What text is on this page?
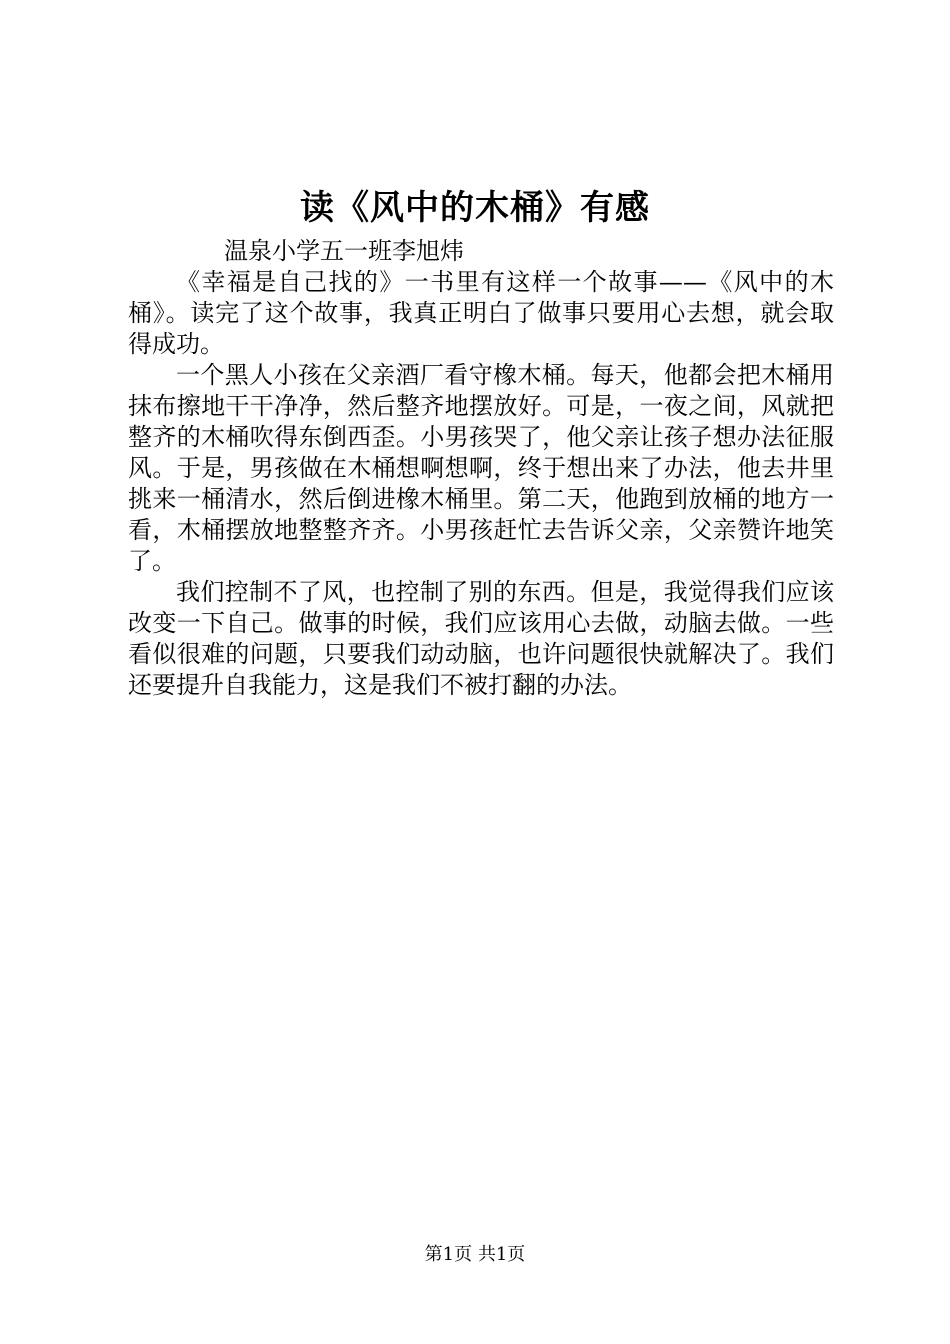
读《风中的木桶》有感

温泉小学五一班李旭炜

《幸福是自己找的》一书里有这样一个故事——《风中的木桶》。读完了这个故事，我真正明白了做事只要用心去想，就会取得成功。

一个黑人小孩在父亲酒厂看守橡木桶。每天，他都会把木桶用抹布擦地干干净净，然后整齐地摆放好。可是，一夜之间，风就把整齐的木桶吹得东倒西歪。小男孩哭了，他父亲让孩子想办法征服风。于是，男孩做在木桶想啊想啊，终于想出来了办法，他去井里挑来一桶清水，然后倒进橡木桶里。第二天，他跑到放桶的地方一看，木桶摆放地整整齐齐。小男孩赶忙去告诉父亲，父亲赞许地笑了。

我们控制不了风，也控制了别的东西。但是，我觉得我们应该改变一下自己。做事的时候，我们应该用心去做，动脑去做。一些看似很难的问题，只要我们动动脑，也许问题很快就解决了。我们还要提升自我能力，这是我们不被打翻的办法。

第1页 共1页
